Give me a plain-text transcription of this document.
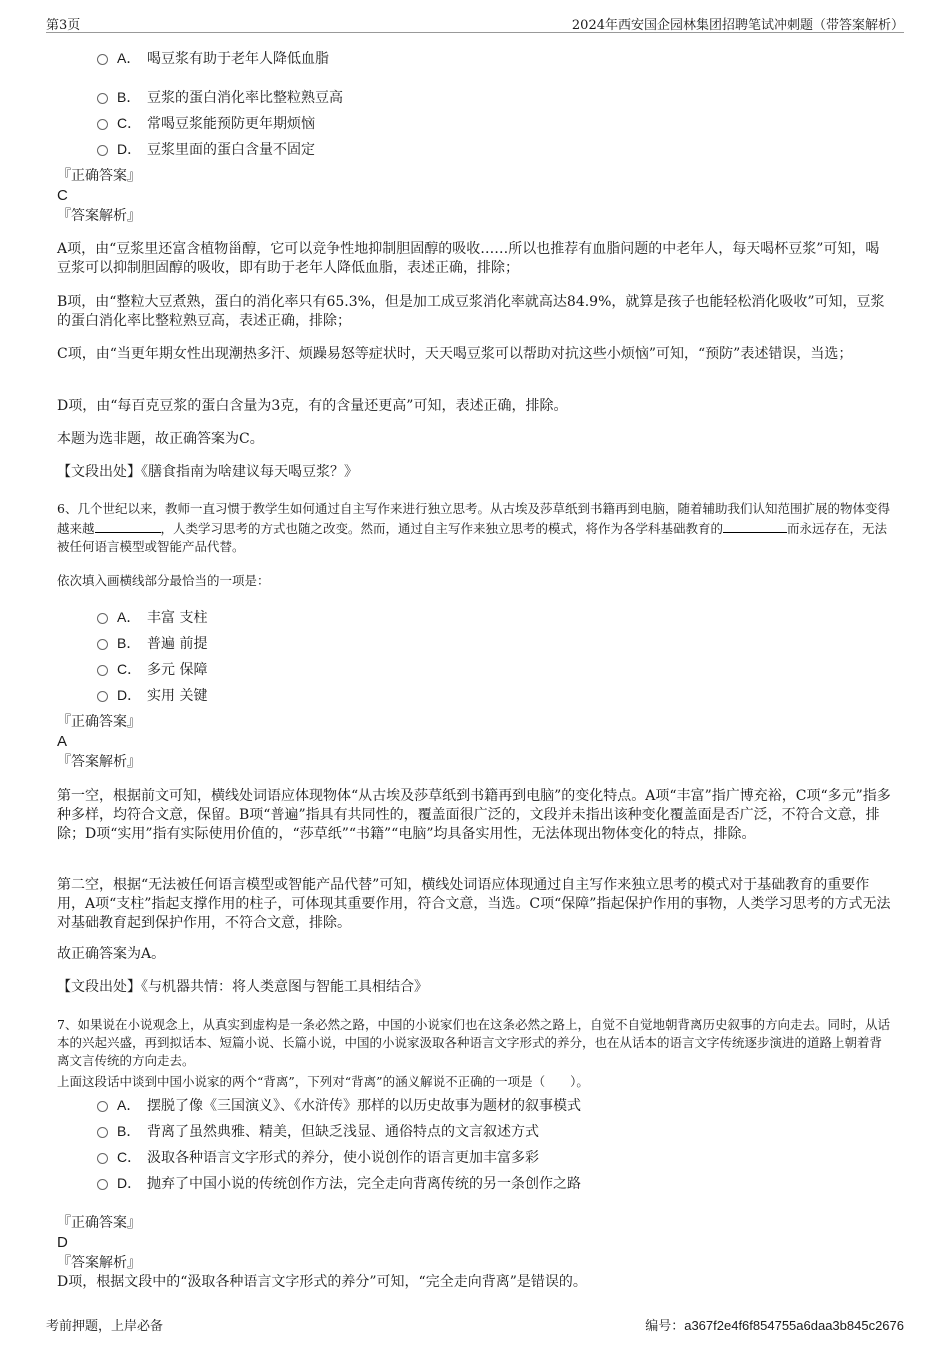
第3页	2024年西安国企园林集团招聘笔试冲刺题（带答案解析）
A． 喝豆浆有助于老年人降低血脂
B． 豆浆的蛋白消化率比整粒熟豆高
C． 常喝豆浆能预防更年期烦恼
D． 豆浆里面的蛋白含量不固定
『正确答案』
C
『答案解析』
A项，由“豆浆里还富含植物甾醇，它可以竞争性地抑制胆固醇的吸收……所以也推荐有血脂问题的中老年人，每天喝杯豆浆”可知，喝豆浆可以抑制胆固醇的吸收，即有助于老年人降低血脂，表述正确，排除；
B项，由“整粒大豆煮熟，蛋白的消化率只有65.3%，但是加工成豆浆消化率就高达84.9%，就算是孩子也能轻松消化吸收”可知，豆浆的蛋白消化率比整粒熟豆高，表述正确，排除；
C项，由“当更年期女性出现潮热多汗、烦躁易怒等症状时，天天喝豆浆可以帮助对抗这些小烦恼”可知，“预防”表述错误，当选；
D项，由“每百克豆浆的蛋白含量为3克，有的含量还更高”可知，表述正确，排除。
本题为选非题，故正确答案为C。
【文段出处】《膳食指南为啥建议每天喝豆浆？》
6、几个世纪以来，教师一直习惯于教学生如何通过自主写作来进行独立思考。从古埃及莎草纸到书籍再到电脑，随着辅助我们认知范围扩展的物体变得越来越	，人类学习思考的方式也随之改变。然而，通过自主写作来独立思考的模式，将作为各学科基础教育的	而永远存在，无法被任何语言模型或智能产品代替。
依次填入画横线部分最恰当的一项是：
A． 丰富 支柱
B． 普遍 前提
C． 多元 保障
D． 实用 关键
『正确答案』
A
『答案解析』
第一空，根据前文可知，横线处词语应体现物体“从古埃及莎草纸到书籍再到电脑”的变化特点。A项“丰富”指广博充裕，C项“多元”指多种多样，均符合文意，保留。B项“普遍”指具有共同性的，覆盖面很广泛的，文段并未指出该种变化覆盖面是否广泛，不符合文意，排除；D项“实用”指有实际使用价值的，“莎草纸”“书籍”“电脑”均具备实用性，无法体现出物体变化的特点，排除。
第二空，根据“无法被任何语言模型或智能产品代替”可知，横线处词语应体现通过自主写作来独立思考的模式对于基础教育的重要作用，A项“支柱”指起支撑作用的柱子，可体现其重要作用，符合文意，当选。C项“保障”指起保护作用的事物，人类学习思考的方式无法对基础教育起到保护作用，不符合文意，排除。
故正确答案为A。
【文段出处】《与机器共情：将人类意图与智能工具相结合》
7、如果说在小说观念上，从真实到虚构是一条必然之路，中国的小说家们也在这条必然之路上，自觉不自觉地朝背离历史叙事的方向走去。同时，从话本的兴起兴盛，再到拟话本、短篇小说、长篇小说，中国的小说家汲取各种语言文字形式的养分，也在从话本的语言文字传统逐步演进的道路上朝着背离文言传统的方向走去。
上面这段话中谈到中国小说家的两个“背离”，下列对“背离”的涵义解说不正确的一项是（　　）。
A． 摆脱了像《三国演义》、《水浒传》那样的以历史故事为题材的叙事模式
B． 背离了虽然典雅、精美，但缺乏浅显、通俗特点的文言叙述方式
C． 汲取各种语言文字形式的养分，使小说创作的语言更加丰富多彩
D． 抛弃了中国小说的传统创作方法，完全走向背离传统的另一条创作之路
『正确答案』
D
『答案解析』
D项，根据文段中的“汲取各种语言文字形式的养分”可知，“完全走向背离”是错误的。
考前押题，上岸必备	编号：a367f2e4f6f854755a6daa3b845c2676
